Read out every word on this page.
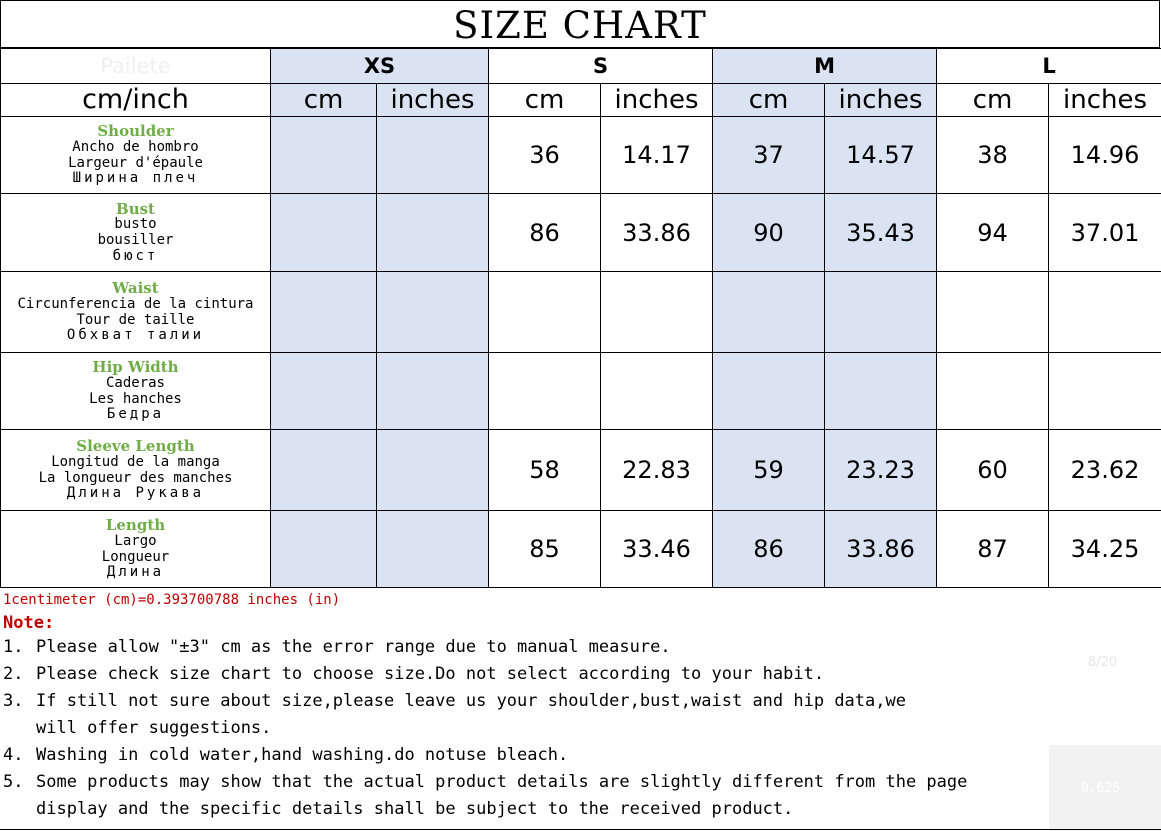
SIZE CHART
Pailete	XS		S		M		L	
cm/inch	cm	inches	cm	inches	cm	inches	cm	inches

Shoulder
Ancho de hombro
Largeur d'épaule
Ширина плеч			36	14.17	37	14.57	38	14.96

Bust
busto
bousiller
бюст			86	33.86	90	35.43	94	37.01

Waist
Circunferencia de la cintura
Tour de taille
Обхват талии								

Hip Width
Caderas
Les hanches
Бедра								

Sleeve Length
Longitud de la manga
La longueur des manches
Длина Рукава			58	22.83	59	23.23	60	23.62

Length
Largo
Longueur
Длина			85	33.46	86	33.86	87	34.25
1centimeter (cm)=0.393700788 inches (in)
Note:
1. Please allow "±3" cm as the error range due to manual measure.
2. Please check size chart to choose size.Do not select according to your habit.
3. If still not sure about size,please leave us your shoulder,bust,waist and hip data,we
will offer suggestions.
4. Washing in cold water,hand washing.do notuse bleach.
5. Some products may show that the actual product details are slightly different from the page
display and the specific details shall be subject to the received product.
8/20
0.625
